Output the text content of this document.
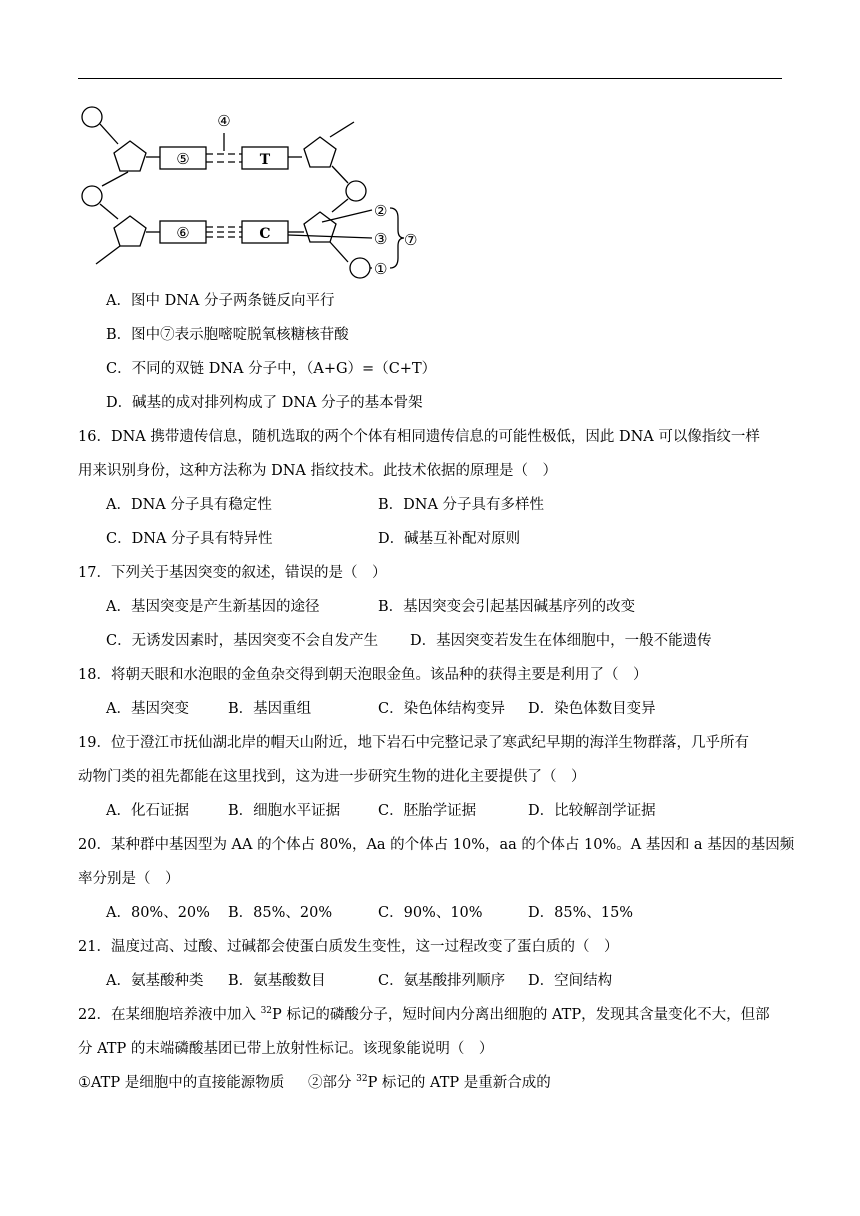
⑤	T
④
⑥	C
②
③
①
⑦
A．图中 DNA 分子两条链反向平行
B．图中⑦表示胞嘧啶脱氧核糖核苷酸
C．不同的双链 DNA 分子中，（A+G）=（C+T）
D．碱基的成对排列构成了 DNA 分子的基本骨架
16．DNA 携带遗传信息，随机选取的两个个体有相同遗传信息的可能性极低，因此 DNA 可以像指纹一样
用来识别身份，这种方法称为 DNA 指纹技术。此技术依据的原理是（　）
A．DNA 分子具有稳定性	B．DNA 分子具有多样性
C．DNA 分子具有特异性	D．碱基互补配对原则
17．下列关于基因突变的叙述，错误的是（　）
A．基因突变是产生新基因的途径	B．基因突变会引起基因碱基序列的改变
C．无诱发因素时，基因突变不会自发产生 D．基因突变若发生在体细胞中，一般不能遗传
18．将朝天眼和水泡眼的金鱼杂交得到朝天泡眼金鱼。该品种的获得主要是利用了（　）
A．基因突变	B．基因重组	C．染色体结构变异 D．染色体数目变异
19．位于澄江市抚仙湖北岸的帽天山附近，地下岩石中完整记录了寒武纪早期的海洋生物群落，几乎所有
动物门类的祖先都能在这里找到，这为进一步研究生物的进化主要提供了（　）
A．化石证据	B．细胞水平证据	C．胚胎学证据	D．比较解剖学证据
20．某种群中基因型为 AA 的个体占 80%，Aa 的个体占 10%，aa 的个体占 10%。A 基因和 a 基因的基因频
率分别是（　）
A．80%、20% B．85%、20%	C．90%、10%	D．85%、15%
21．温度过高、过酸、过碱都会使蛋白质发生变性，这一过程改变了蛋白质的（　）
A．氨基酸种类 B．氨基酸数目	C．氨基酸排列顺序 D．空间结构
22．在某细胞培养液中加入 $^{32}$P 标记的磷酸分子，短时间内分离出细胞的 ATP，发现其含量变化不大，但部
分 ATP 的末端磷酸基团已带上放射性标记。该现象能说明（　）
①ATP 是细胞中的直接能源物质 ②部分 $^{32}$P 标记的 ATP 是重新合成的
